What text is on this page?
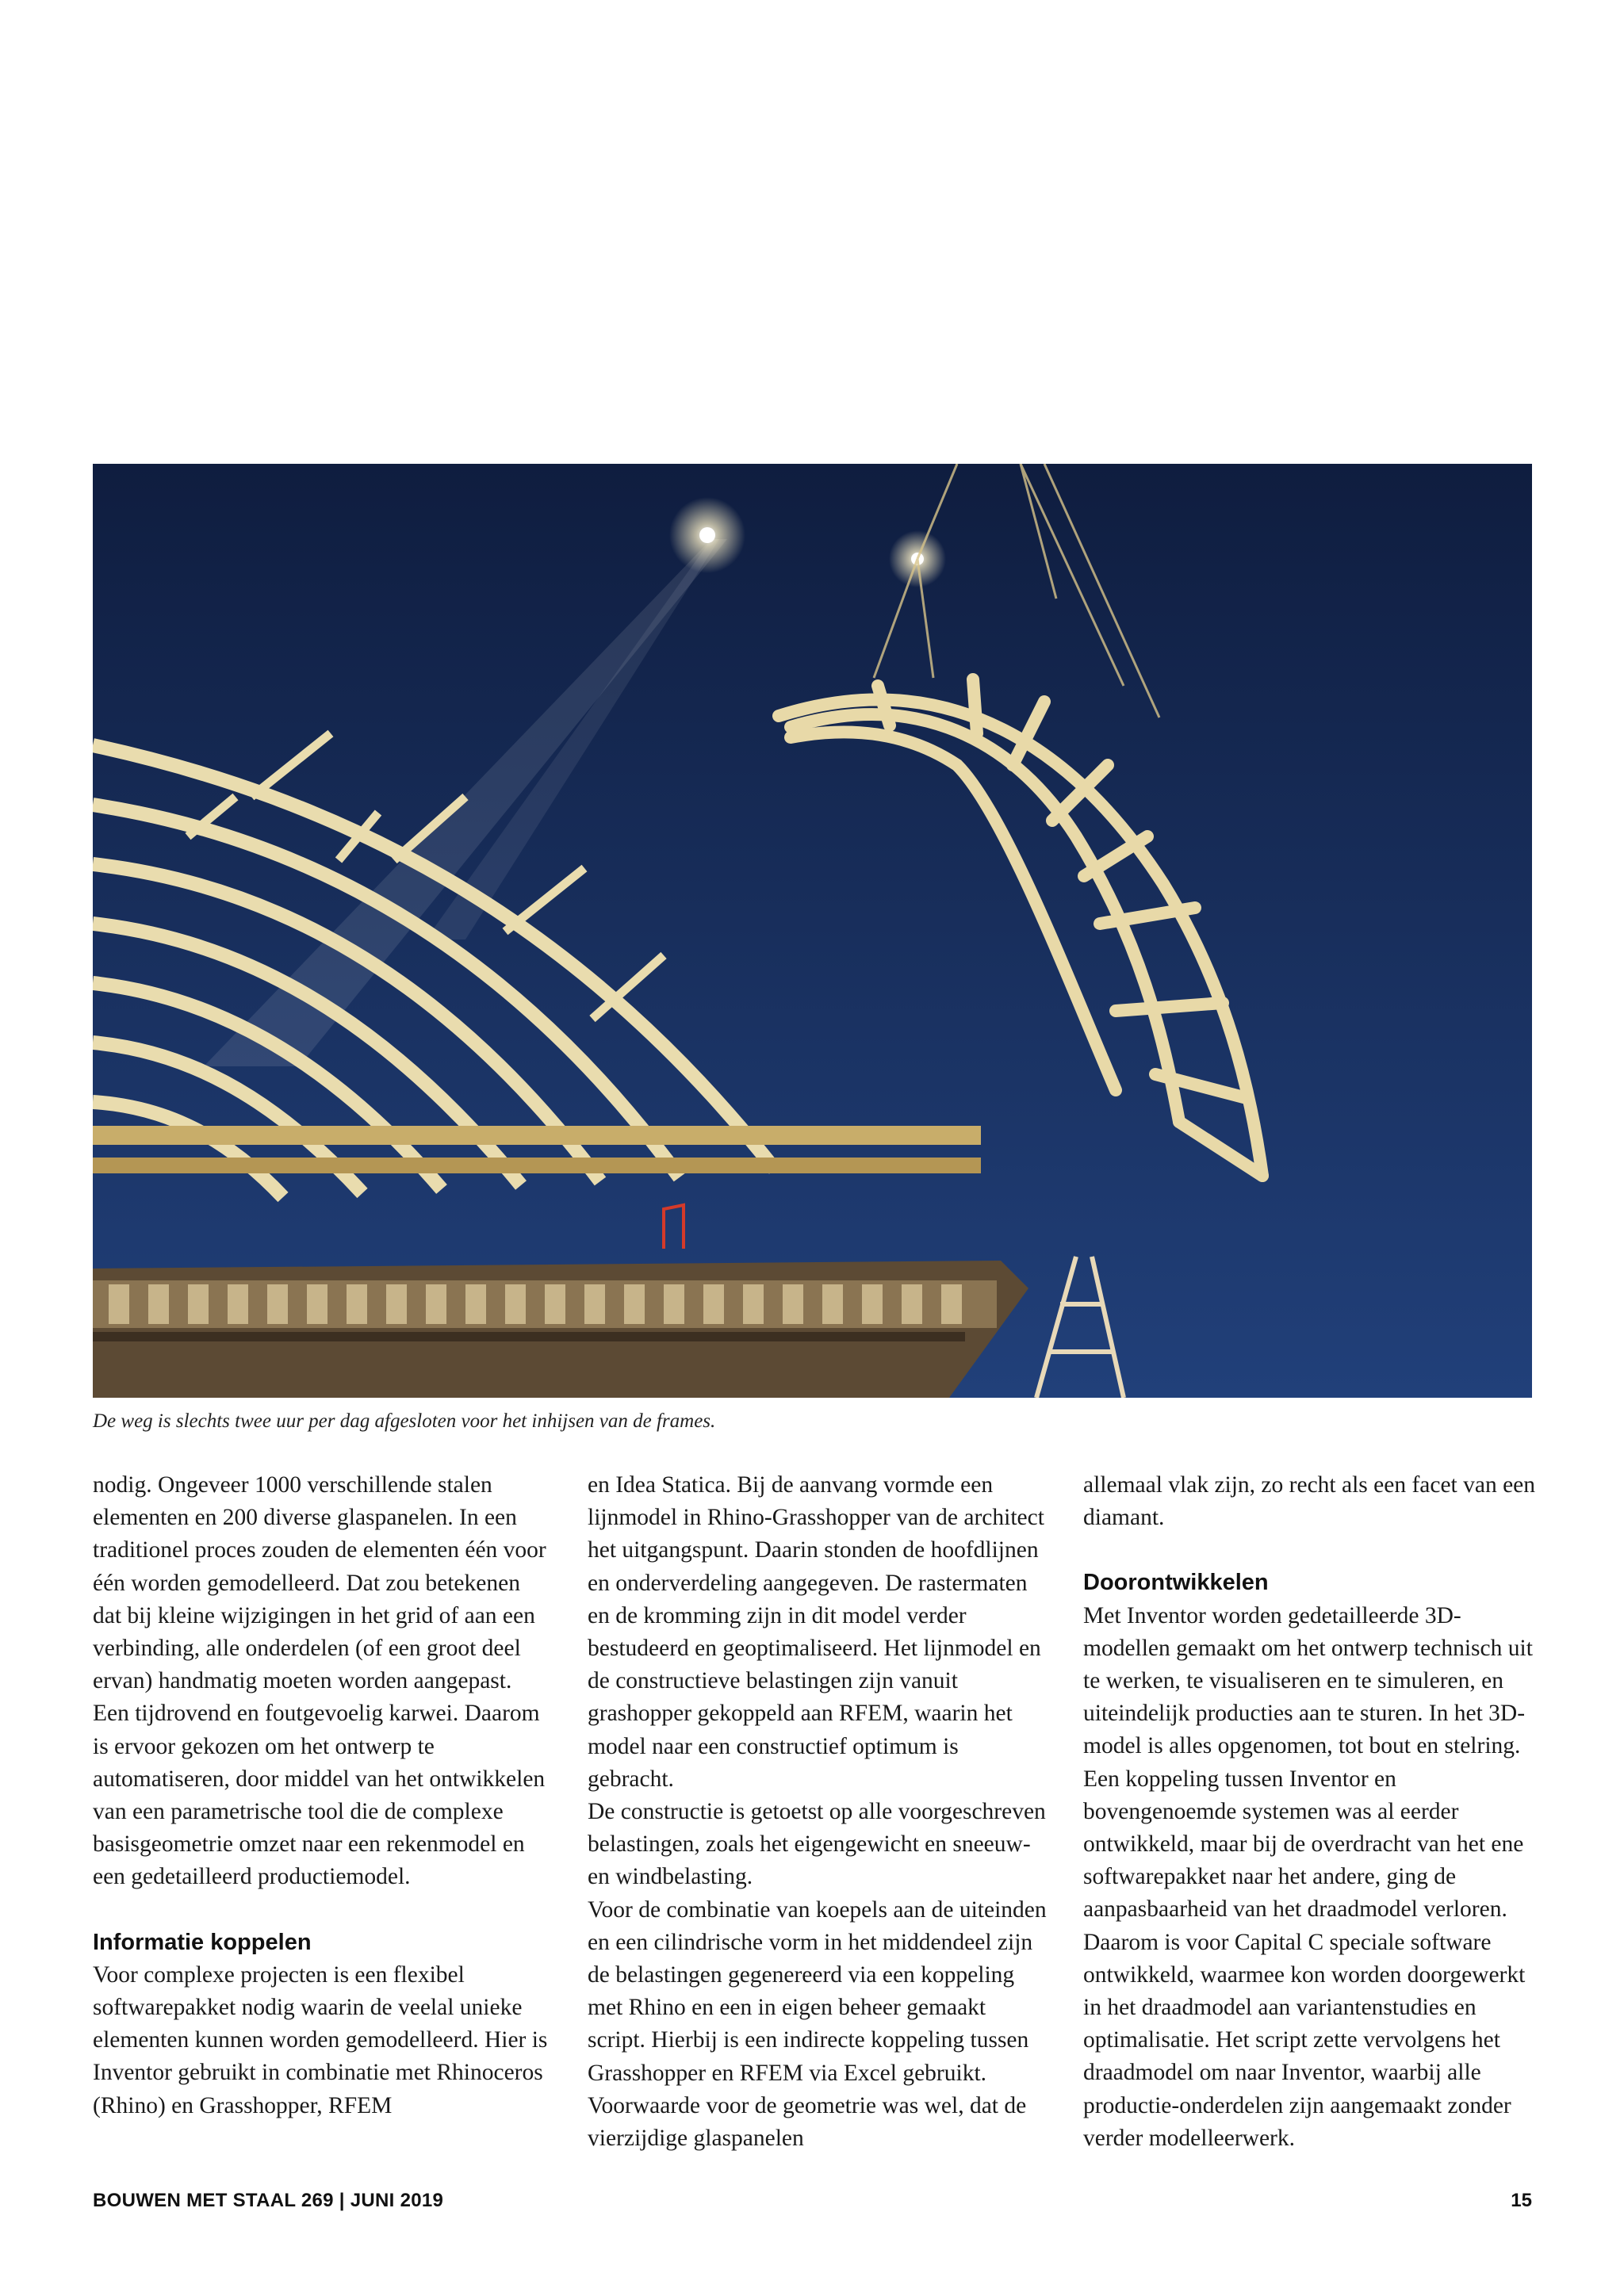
De weg is slechts twee uur per dag afgesloten voor het inhijsen van de frames.

nodig. Ongeveer 1000 verschillende stalen elementen en 200 diverse glaspanelen. In een traditionel proces zouden de elementen één voor één worden gemodelleerd. Dat zou betekenen dat bij kleine wijzigingen in het grid of aan een verbinding, alle onderdelen (of een groot deel ervan) handmatig moeten worden aangepast. Een tijdrovend en foutgevoelig karwei. Daarom is ervoor gekozen om het ontwerp te automatiseren, door middel van het ontwikkelen van een parametrische tool die de complexe basisgeometrie omzet naar een rekenmodel en een gedetailleerd productiemodel.

Informatie koppelen

Voor complexe projecten is een flexibel softwarepakket nodig waarin de veelal unieke elementen kunnen worden gemodelleerd. Hier is Inventor gebruikt in combinatie met Rhinoceros (Rhino) en Grasshopper, RFEM

en Idea Statica. Bij de aanvang vormde een lijnmodel in Rhino-Grasshopper van de architect het uitgangspunt. Daarin stonden de hoofdlijnen en onderverdeling aangegeven. De rastermaten en de kromming zijn in dit model verder bestudeerd en geoptimaliseerd. Het lijnmodel en de constructieve belastingen zijn vanuit grashopper gekoppeld aan RFEM, waarin het model naar een constructief optimum is gebracht.

De constructie is getoetst op alle voorgeschreven belastingen, zoals het eigengewicht en sneeuw- en windbelasting.

Voor de combinatie van koepels aan de uiteinden en een cilindrische vorm in het middendeel zijn de belastingen gegenereerd via een koppeling met Rhino en een in eigen beheer gemaakt script. Hierbij is een indirecte koppeling tussen Grasshopper en RFEM via Excel gebruikt. Voorwaarde voor de geometrie was wel, dat de vierzijdige glaspanelen

allemaal vlak zijn, zo recht als een facet van een diamant.

Doorontwikkelen

Met Inventor worden gedetailleerde 3D-modellen gemaakt om het ontwerp technisch uit te werken, te visualiseren en te simuleren, en uiteindelijk producties aan te sturen. In het 3D-model is alles opgenomen, tot bout en stelring. Een koppeling tussen Inventor en bovengenoemde systemen was al eerder ontwikkeld, maar bij de overdracht van het ene softwarepakket naar het andere, ging de aanpasbaarheid van het draadmodel verloren. Daarom is voor Capital C speciale software ontwikkeld, waarmee kon worden doorgewerkt in het draadmodel aan variantenstudies en optimalisatie. Het script zette vervolgens het draadmodel om naar Inventor, waarbij alle productie-onderdelen zijn aangemaakt zonder verder modelleerwerk.

BOUWEN MET STAAL 269 | JUNI 2019	15
